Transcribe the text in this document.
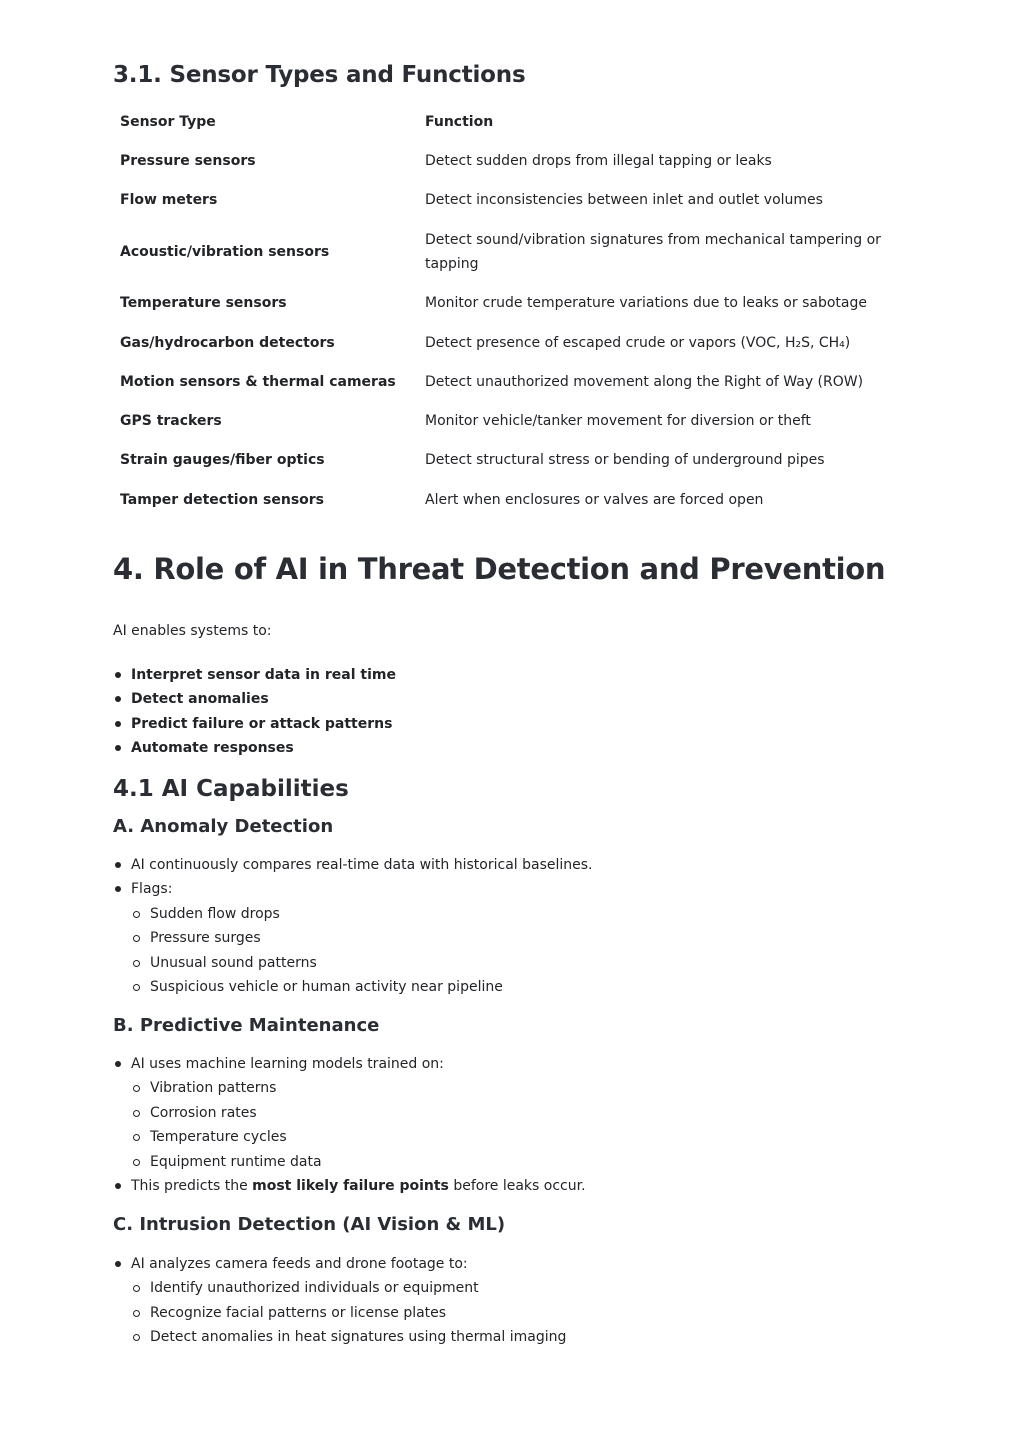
3.1. Sensor Types and Functions
Sensor Type	Function
Pressure sensors	Detect sudden drops from illegal tapping or leaks
Flow meters	Detect inconsistencies between inlet and outlet volumes
Acoustic/vibration sensors	Detect sound/vibration signatures from mechanical tampering or tapping
Temperature sensors	Monitor crude temperature variations due to leaks or sabotage
Gas/hydrocarbon detectors	Detect presence of escaped crude or vapors (VOC, H₂S, CH₄)
Motion sensors & thermal cameras	Detect unauthorized movement along the Right of Way (ROW)
GPS trackers	Monitor vehicle/tanker movement for diversion or theft
Strain gauges/fiber optics	Detect structural stress or bending of underground pipes
Tamper detection sensors	Alert when enclosures or valves are forced open
4. Role of AI in Threat Detection and Prevention

AI enables systems to:

Interpret sensor data in real time
Detect anomalies
Predict failure or attack patterns
Automate responses
4.1 AI Capabilities
A. Anomaly Detection
AI continuously compares real-time data with historical baselines.
Flags:
Sudden flow drops
Pressure surges
Unusual sound patterns
Suspicious vehicle or human activity near pipeline
B. Predictive Maintenance
AI uses machine learning models trained on:
Vibration patterns
Corrosion rates
Temperature cycles
Equipment runtime data
This predicts the most likely failure points before leaks occur.
C. Intrusion Detection (AI Vision & ML)
AI analyzes camera feeds and drone footage to:
Identify unauthorized individuals or equipment
Recognize facial patterns or license plates
Detect anomalies in heat signatures using thermal imaging
